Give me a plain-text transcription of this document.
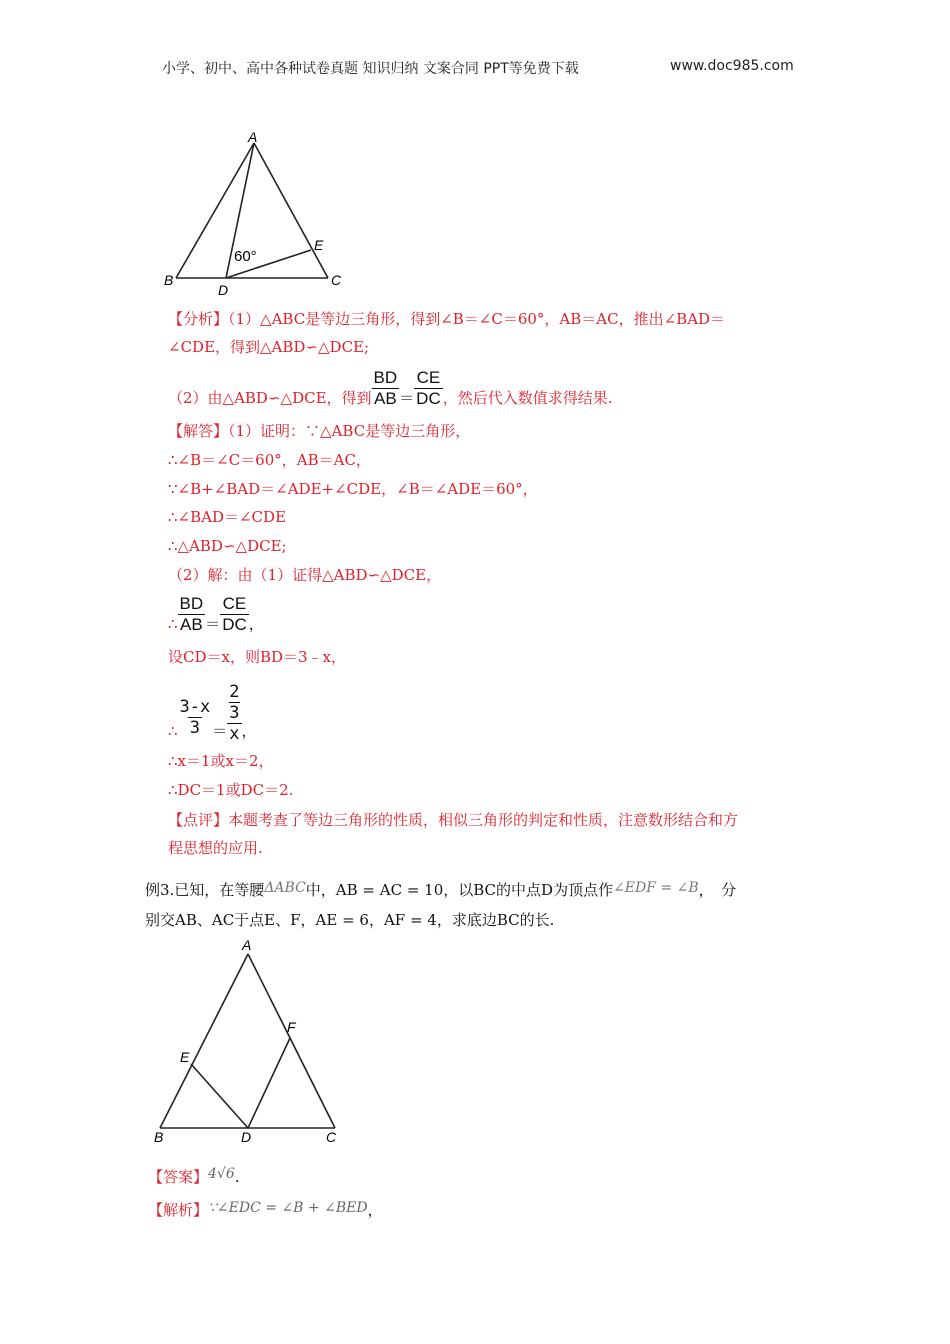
小学、初中、高中各种试卷真题 知识归纳 文案合同 PPT等免费下载	www.doc985.com
A
B	C
D
E
60°
【分析】（1）△ABC是等边三角形，得到∠B＝∠C＝60°，AB＝AC，推出∠BAD＝
∠CDE，得到△ABD∽△DCE;
（2）由△ABD∽△DCE，得到 $\frac{BD}{AB} = \frac{CE}{DC}$ ，然后代入数值求得结果.
【解答】（1）证明：∵△ABC是等边三角形，
∴∠B＝∠C＝60°，AB＝AC，
∵∠B+∠BAD＝∠ADE+∠CDE，∠B＝∠ADE＝60°，
∴∠BAD＝∠CDE
∴△ABD∽△DCE;
（2）解：由（1）证得△ABD∽△DCE，
∴ $\frac{BD}{AB} = \frac{CE}{DC}$ ，
设CD＝x，则BD＝3﹣x，
∴ $\frac{3-x}{3} = \frac{\frac{2}{3}}{x}$ ，
∴x＝1或x＝2，
∴DC＝1或DC＝2.
【点评】本题考查了等边三角形的性质，相似三角形的判定和性质，注意数形结合和方
程思想的应用.
例3.已知，在等腰ΔABC中，AB = AC = 10，以BC的中点D为顶点作∠EDF = ∠B，　分
别交AB、AC于点E、F，AE = 6，AF = 4，求底边BC的长.
A
B	C
D
E
F
【答案】4√6.
【解析】∵∠EDC = ∠B + ∠BED，
